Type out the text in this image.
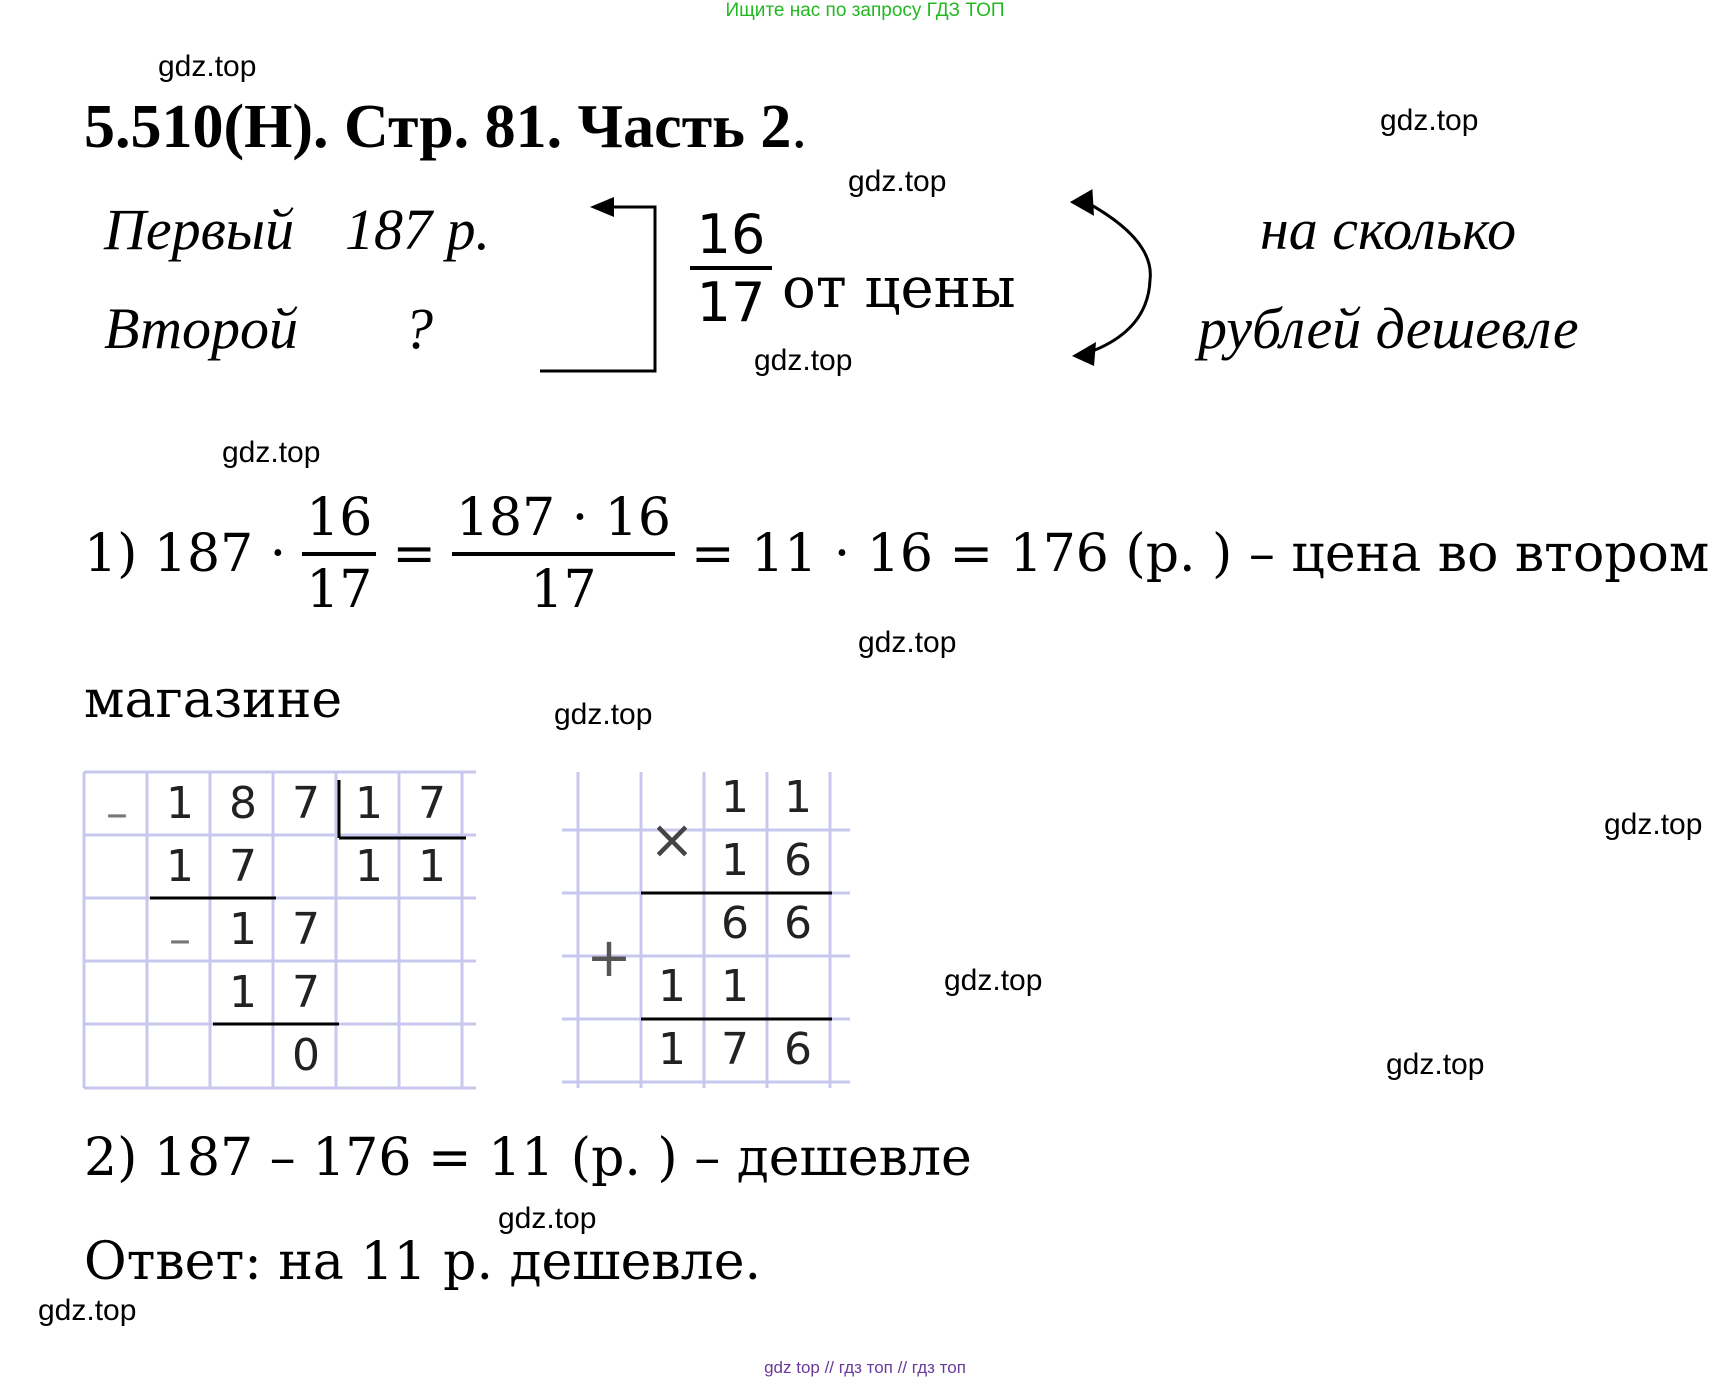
Ищите нас по запросу ГДЗ ТОП
5.510(Н). Стр. 81. Часть 2.
Первый 187 р.
Второй ?	$\frac{16}{17}$ от цены
на сколько
рублей дешевле
1) $187 \cdot \frac{16}{17} = \frac{187 \cdot 16}{17} = 11 \cdot 16 = 176$ (р. ) – цена во втором
магазине
– 1 8 7 1 7
1 7	1 1
– 1 7
1 7
0
×
1 1
1 6
6 6
+ 1 1
1 7 6
2) 187 – 176 = 11 (р. ) – дешевле
Ответ: на 11 р. дешевле.
gdz.top
gdz.top
gdz.top
gdz.top
gdz.top
gdz.top
gdz.top
gdz.top
gdz.top
gdz.top
gdz.top
gdz.top
gdz top // гдз топ // гдз топ
